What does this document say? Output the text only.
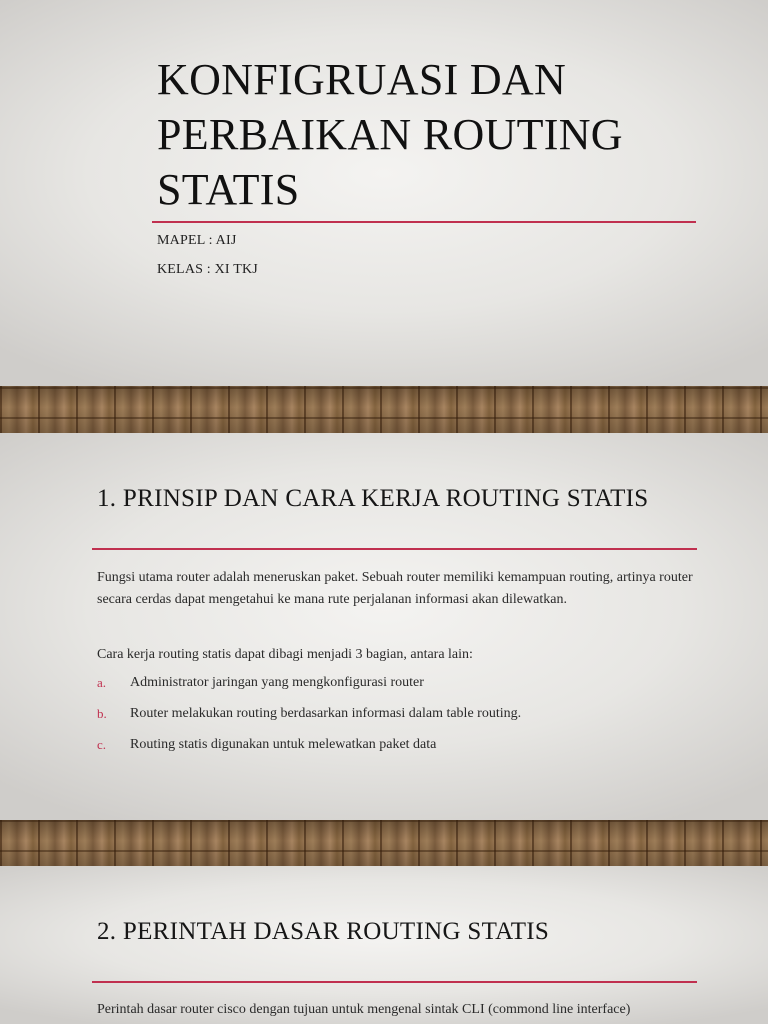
KONFIGRUASI DAN
PERBAIKAN ROUTING
STATIS
MAPEL : AIJ
KELAS : XI TKJ
1. PRINSIP DAN CARA KERJA ROUTING STATIS
Fungsi utama router adalah meneruskan paket. Sebuah router memiliki kemampuan routing, artinya router secara cerdas dapat mengetahui ke mana rute perjalanan informasi akan dilewatkan.
Cara kerja routing statis dapat dibagi menjadi 3 bagian, antara lain:
a. Administrator jaringan yang mengkonfigurasi router
b. Router melakukan routing berdasarkan informasi dalam table routing.
c. Routing statis digunakan untuk melewatkan paket data
2. PERINTAH DASAR ROUTING STATIS
Perintah dasar router cisco dengan tujuan untuk mengenal sintak CLI (commond line interface)
